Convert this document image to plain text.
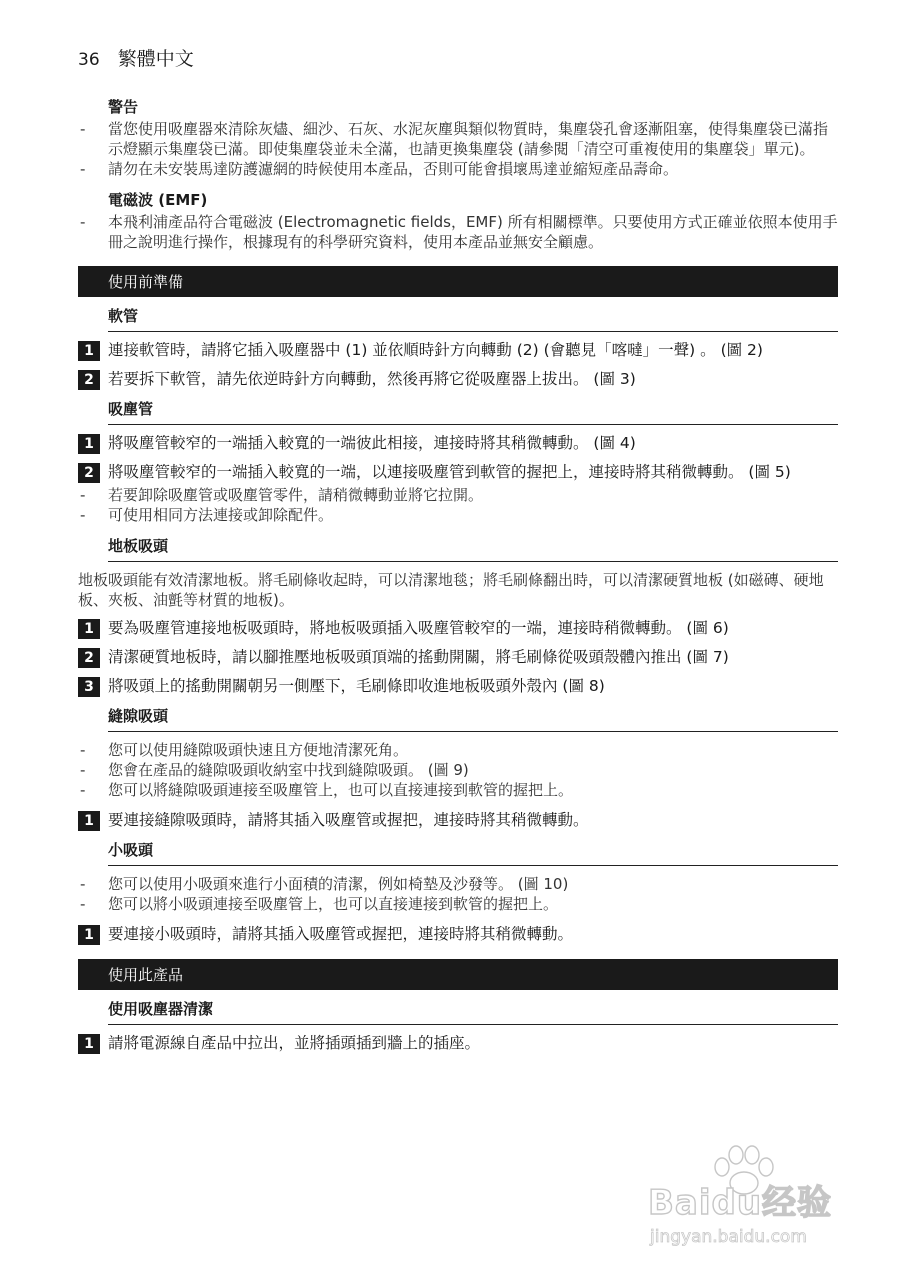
36 繁體中文
警告
- 當您使用吸塵器來清除灰燼、細沙、石灰、水泥灰塵與類似物質時，集塵袋孔會逐漸阻塞，使得集塵袋已滿指示燈顯示集塵袋已滿。即使集塵袋並未全滿，也請更換集塵袋 (請參閱「清空可重複使用的集塵袋」單元)。
- 請勿在未安裝馬達防護濾網的時候使用本產品，否則可能會損壞馬達並縮短產品壽命。
電磁波 (EMF)
- 本飛利浦產品符合電磁波 (Electromagnetic fields，EMF) 所有相關標準。只要使用方式正確並依照本使用手冊之說明進行操作，根據現有的科學研究資料，使用本產品並無安全顧慮。
使用前準備
軟管
1 連接軟管時，請將它插入吸塵器中 (1) 並依順時針方向轉動 (2) (會聽見「喀噠」一聲) 。 (圖 2)
2 若要拆下軟管，請先依逆時針方向轉動，然後再將它從吸塵器上拔出。 (圖 3)
吸塵管
1 將吸塵管較窄的一端插入較寬的一端彼此相接，連接時將其稍微轉動。 (圖 4)
2 將吸塵管較窄的一端插入較寬的一端，以連接吸塵管到軟管的握把上，連接時將其稍微轉動。 (圖 5)
- 若要卸除吸塵管或吸塵管零件，請稍微轉動並將它拉開。
- 可使用相同方法連接或卸除配件。
地板吸頭
地板吸頭能有效清潔地板。將毛刷條收起時，可以清潔地毯；將毛刷條翻出時，可以清潔硬質地板 (如磁磚、硬地板、夾板、油氈等材質的地板)。
1 要為吸塵管連接地板吸頭時，將地板吸頭插入吸塵管較窄的一端，連接時稍微轉動。 (圖 6)
2 清潔硬質地板時，請以腳推壓地板吸頭頂端的搖動開關，將毛刷條從吸頭殼體內推出 (圖 7)
3 將吸頭上的搖動開關朝另一側壓下，毛刷條即收進地板吸頭外殼內 (圖 8)
縫隙吸頭
- 您可以使用縫隙吸頭快速且方便地清潔死角。
- 您會在產品的縫隙吸頭收納室中找到縫隙吸頭。 (圖 9)
- 您可以將縫隙吸頭連接至吸塵管上，也可以直接連接到軟管的握把上。
1 要連接縫隙吸頭時，請將其插入吸塵管或握把，連接時將其稍微轉動。
小吸頭
- 您可以使用小吸頭來進行小面積的清潔，例如椅墊及沙發等。 (圖 10)
- 您可以將小吸頭連接至吸塵管上，也可以直接連接到軟管的握把上。
1 要連接小吸頭時，請將其插入吸塵管或握把，連接時將其稍微轉動。
使用此產品
使用吸塵器清潔
1 請將電源線自產品中拉出，並將插頭插到牆上的插座。
Baidu经验
jingyan.baidu.com
